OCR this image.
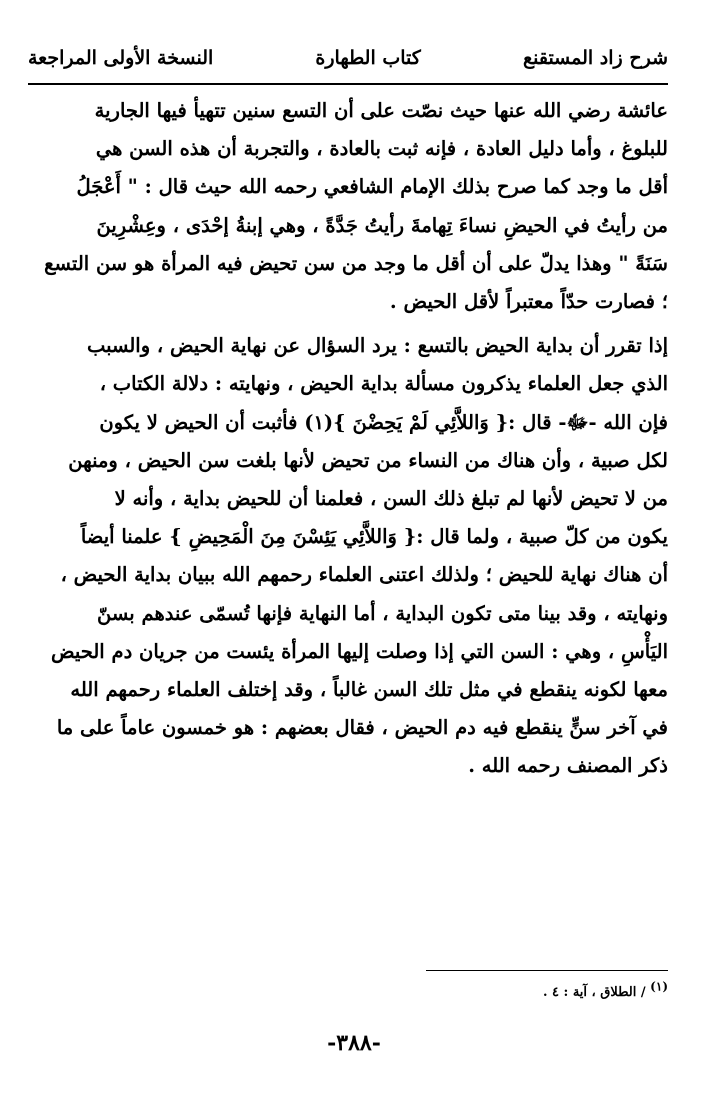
شرح زاد المستقنع
كتاب الطهارة
النسخة الأولى المراجعة

عائشة رضي الله عنها حيث نصّت على أن التسع سنين تتهيأ فيها الجارية

للبلوغ ، وأما دليل العادة ، فإنه ثبت بالعادة ، والتجربة أن هذه السن هي

أقل ما وجد كما صرح بذلك الإمام الشافعي رحمه الله حيث قال : " أَعْجَلُ

من رأيتُ في الحيضِ نساءَ تِهامةَ رأيتُ جَدَّةً ، وهي إبنةُ إحْدَى ، وعِشْرِينَ

سَنَةً " وهذا يدلّ على أن أقل ما وجد من سن تحيض فيه المرأة هو سن التسع

؛ فصارت حدّاً معتبراً لأقل الحيض .

إذا تقرر أن بداية الحيض بالتسع : يرد السؤال عن نهاية الحيض ، والسبب

الذي جعل العلماء يذكرون مسألة بداية الحيض ، ونهايته : دلالة الكتاب ،

فإن الله -ﷻ- قال :{ وَاللاَّئِي لَمْ يَحِضْنَ }(١) فأثبت أن الحيض لا يكون

لكل صبية ، وأن هناك من النساء من تحيض لأنها بلغت سن الحيض ، ومنهن

من لا تحيض لأنها لم تبلغ ذلك السن ، فعلمنا أن للحيض بداية ، وأنه لا

يكون من كلّ صبية ، ولما قال :{ وَاللاَّئِي يَئِسْنَ مِنَ الْمَحِيضِ } علمنا أيضاً

أن هناك نهاية للحيض ؛ ولذلك اعتنى العلماء رحمهم الله ببيان بداية الحيض ،

ونهايته ، وقد بينا متى تكون البداية ، أما النهاية فإنها تُسمّى عندهم بسنّ

اليَأْسِ ، وهي : السن التي إذا وصلت إليها المرأة يئست من جريان دم الحيض

معها لكونه ينقطع في مثل تلك السن غالباً ، وقد إختلف العلماء رحمهم الله

في آخر سنٍّ ينقطع فيه دم الحيض ، فقال بعضهم : هو خمسون عاماً على ما

ذكر المصنف رحمه الله .

(١) / الطلاق ، آية : ٤ .
-٣٨٨-
